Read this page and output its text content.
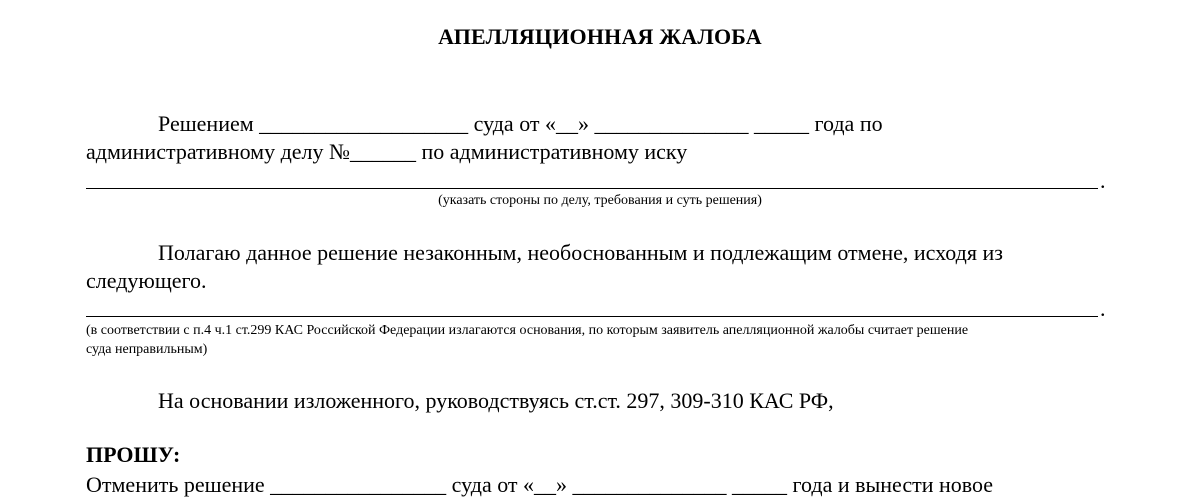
АПЕЛЛЯЦИОННАЯ ЖАЛОБА
Решением ___________________ суда от «__» ______________ _____ года по
административному делу №______ по административному иску
.
(указать стороны по делу, требования и суть решения)
Полагаю данное решение незаконным, необоснованным и подлежащим отмене, исходя из
следующего.
.
(в соответствии с п.4 ч.1 ст.299 КАС Российской Федерации излагаются основания, по которым заявитель апелляционной жалобы считает решение
суда неправильным)
На основании изложенного, руководствуясь ст.ст. 297, 309-310 КАС РФ,
ПРОШУ:
Отменить решение ________________ суда от «__» ______________ _____ года и вынести новое
